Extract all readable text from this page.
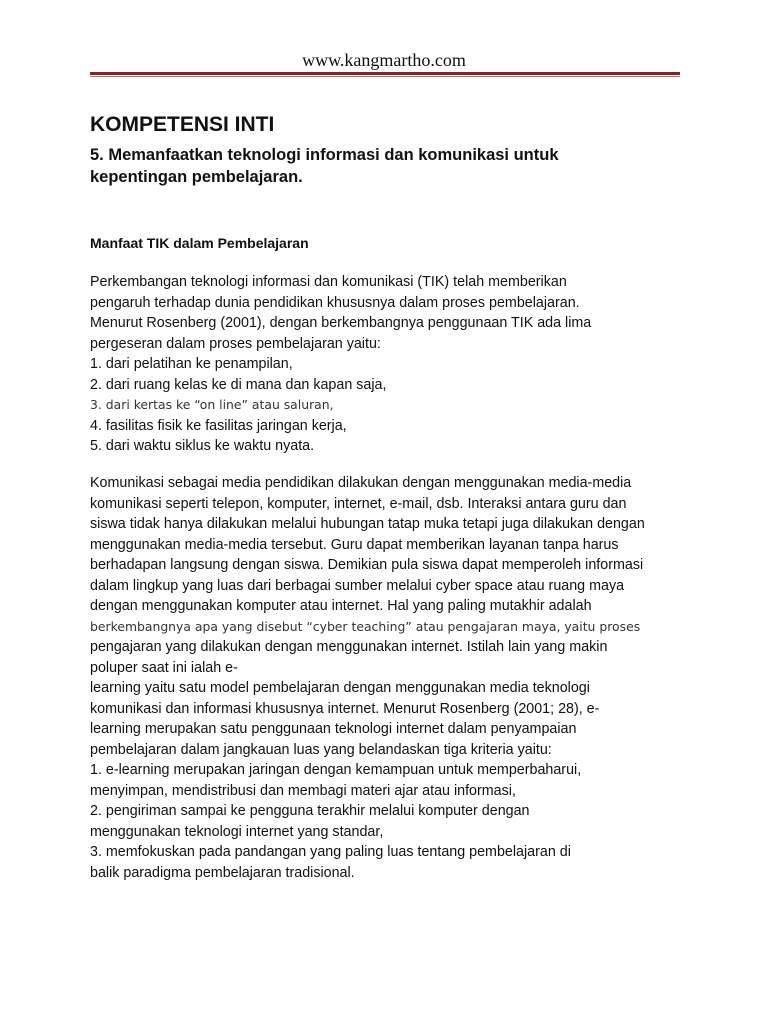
www.kangmartho.com
KOMPETENSI INTI
5. Memanfaatkan teknologi informasi dan komunikasi untuk
kepentingan pembelajaran.
Manfaat TIK dalam Pembelajaran
Perkembangan teknologi informasi dan komunikasi (TIK) telah memberikan
pengaruh terhadap dunia pendidikan khususnya dalam proses pembelajaran.
Menurut Rosenberg (2001), dengan berkembangnya penggunaan TIK ada lima
pergeseran dalam proses pembelajaran yaitu:
1. dari pelatihan ke penampilan,
2. dari ruang kelas ke di mana dan kapan saja,
3. dari kertas ke “on line” atau saluran,
4. fasilitas fisik ke fasilitas jaringan kerja,
5. dari waktu siklus ke waktu nyata.
Komunikasi sebagai media pendidikan dilakukan dengan menggunakan media-media
komunikasi seperti telepon, komputer, internet, e-mail, dsb. Interaksi antara guru dan
siswa tidak hanya dilakukan melalui hubungan tatap muka tetapi juga dilakukan dengan
menggunakan media-media tersebut. Guru dapat memberikan layanan tanpa harus
berhadapan langsung dengan siswa. Demikian pula siswa dapat memperoleh informasi
dalam lingkup yang luas dari berbagai sumber melalui cyber space atau ruang maya
dengan menggunakan komputer atau internet. Hal yang paling mutakhir adalah
berkembangnya apa yang disebut “cyber teaching” atau pengajaran maya, yaitu proses
pengajaran yang dilakukan dengan menggunakan internet. Istilah lain yang makin
poluper saat ini ialah e-
learning yaitu satu model pembelajaran dengan menggunakan media teknologi
komunikasi dan informasi khususnya internet. Menurut Rosenberg (2001; 28), e-
learning merupakan satu penggunaan teknologi internet dalam penyampaian
pembelajaran dalam jangkauan luas yang belandaskan tiga kriteria yaitu:
1. e-learning merupakan jaringan dengan kemampuan untuk memperbaharui,
menyimpan, mendistribusi dan membagi materi ajar atau informasi,
2. pengiriman sampai ke pengguna terakhir melalui komputer dengan
menggunakan teknologi internet yang standar,
3. memfokuskan pada pandangan yang paling luas tentang pembelajaran di
balik paradigma pembelajaran tradisional.
